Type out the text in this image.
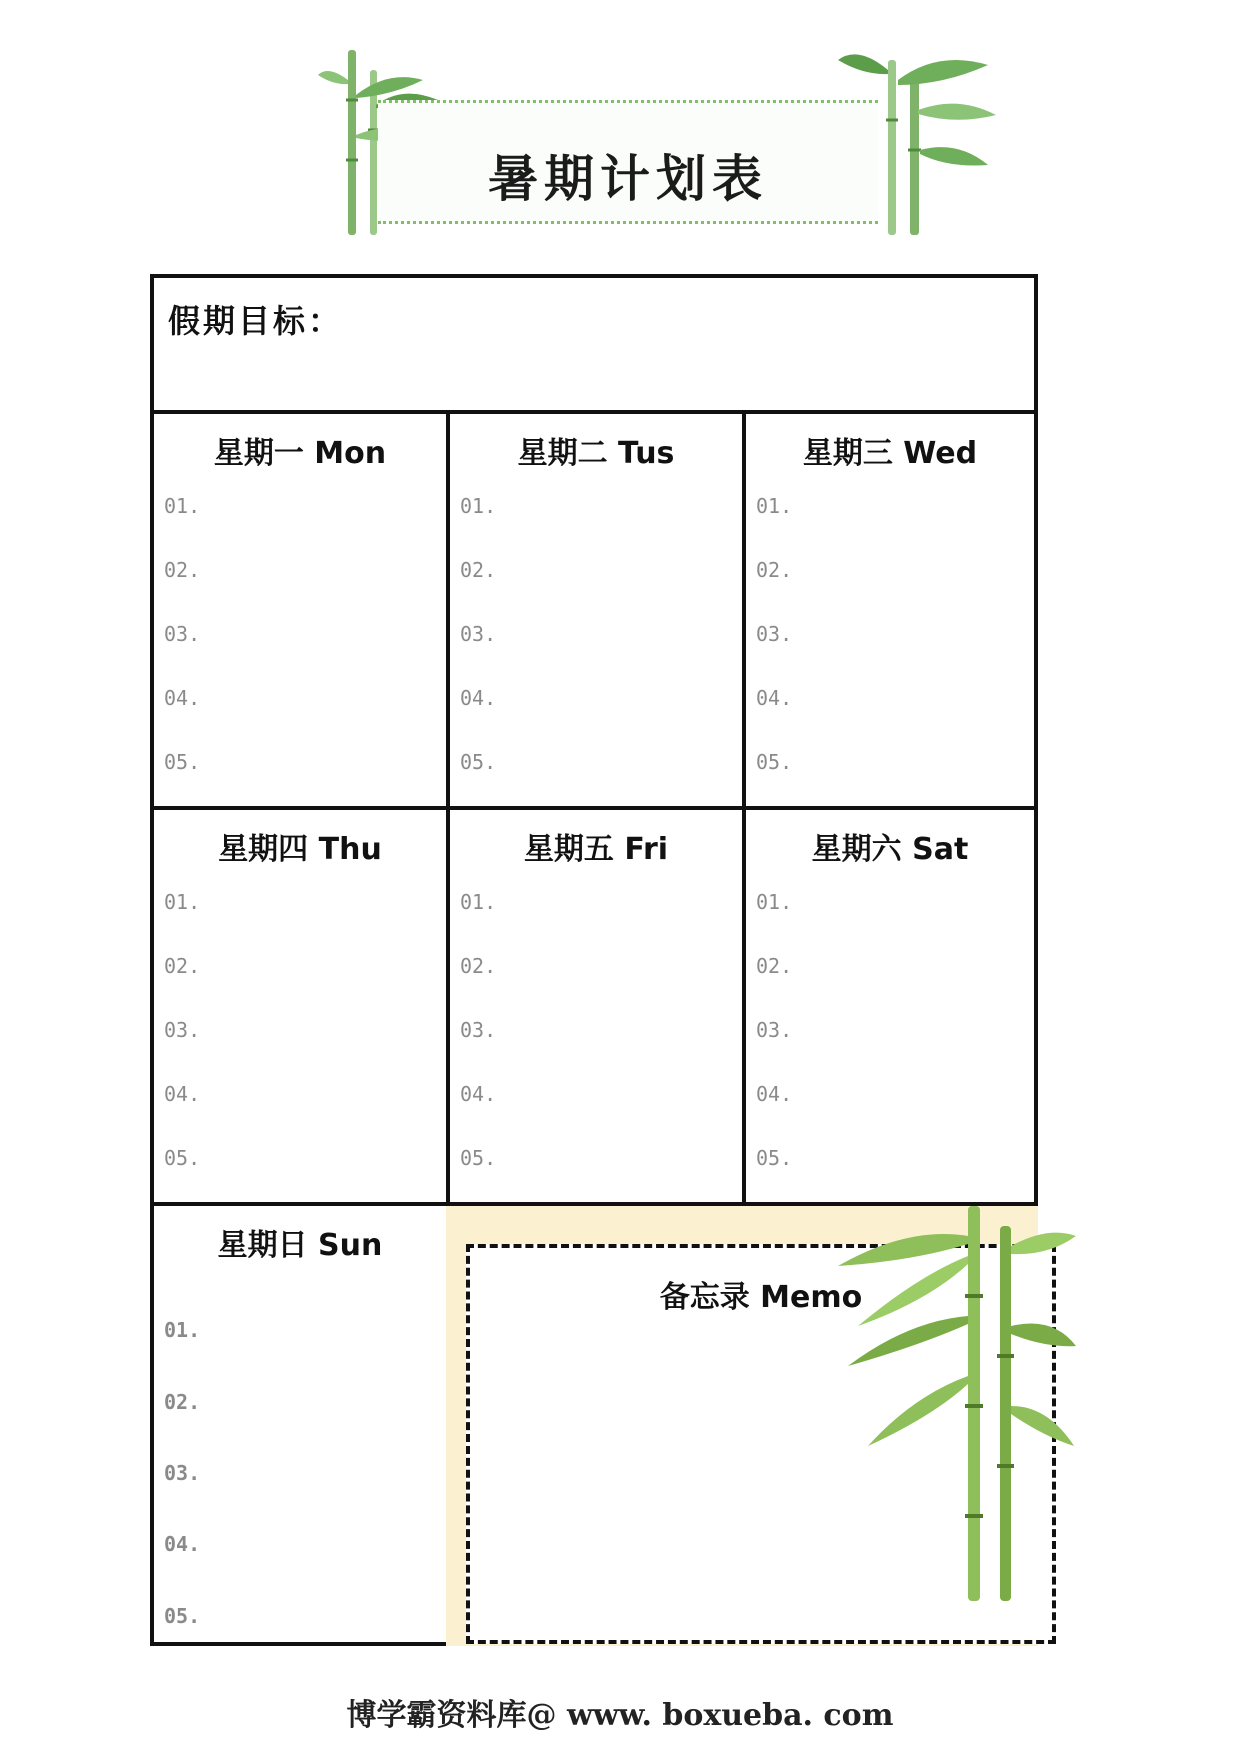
暑期计划表
假期目标：
星期一 Mon
01.
02.
03.
04.
05.
星期二 Tus
01.
02.
03.
04.
05.
星期三 Wed
01.
02.
03.
04.
05.
星期四 Thu
01.
02.
03.
04.
05.
星期五 Fri
01.
02.
03.
04.
05.
星期六 Sat
01.
02.
03.
04.
05.
星期日 Sun
01.
02.
03.
04.
05.
备忘录 Memo
博学霸资料库@ www. boxueba. com
